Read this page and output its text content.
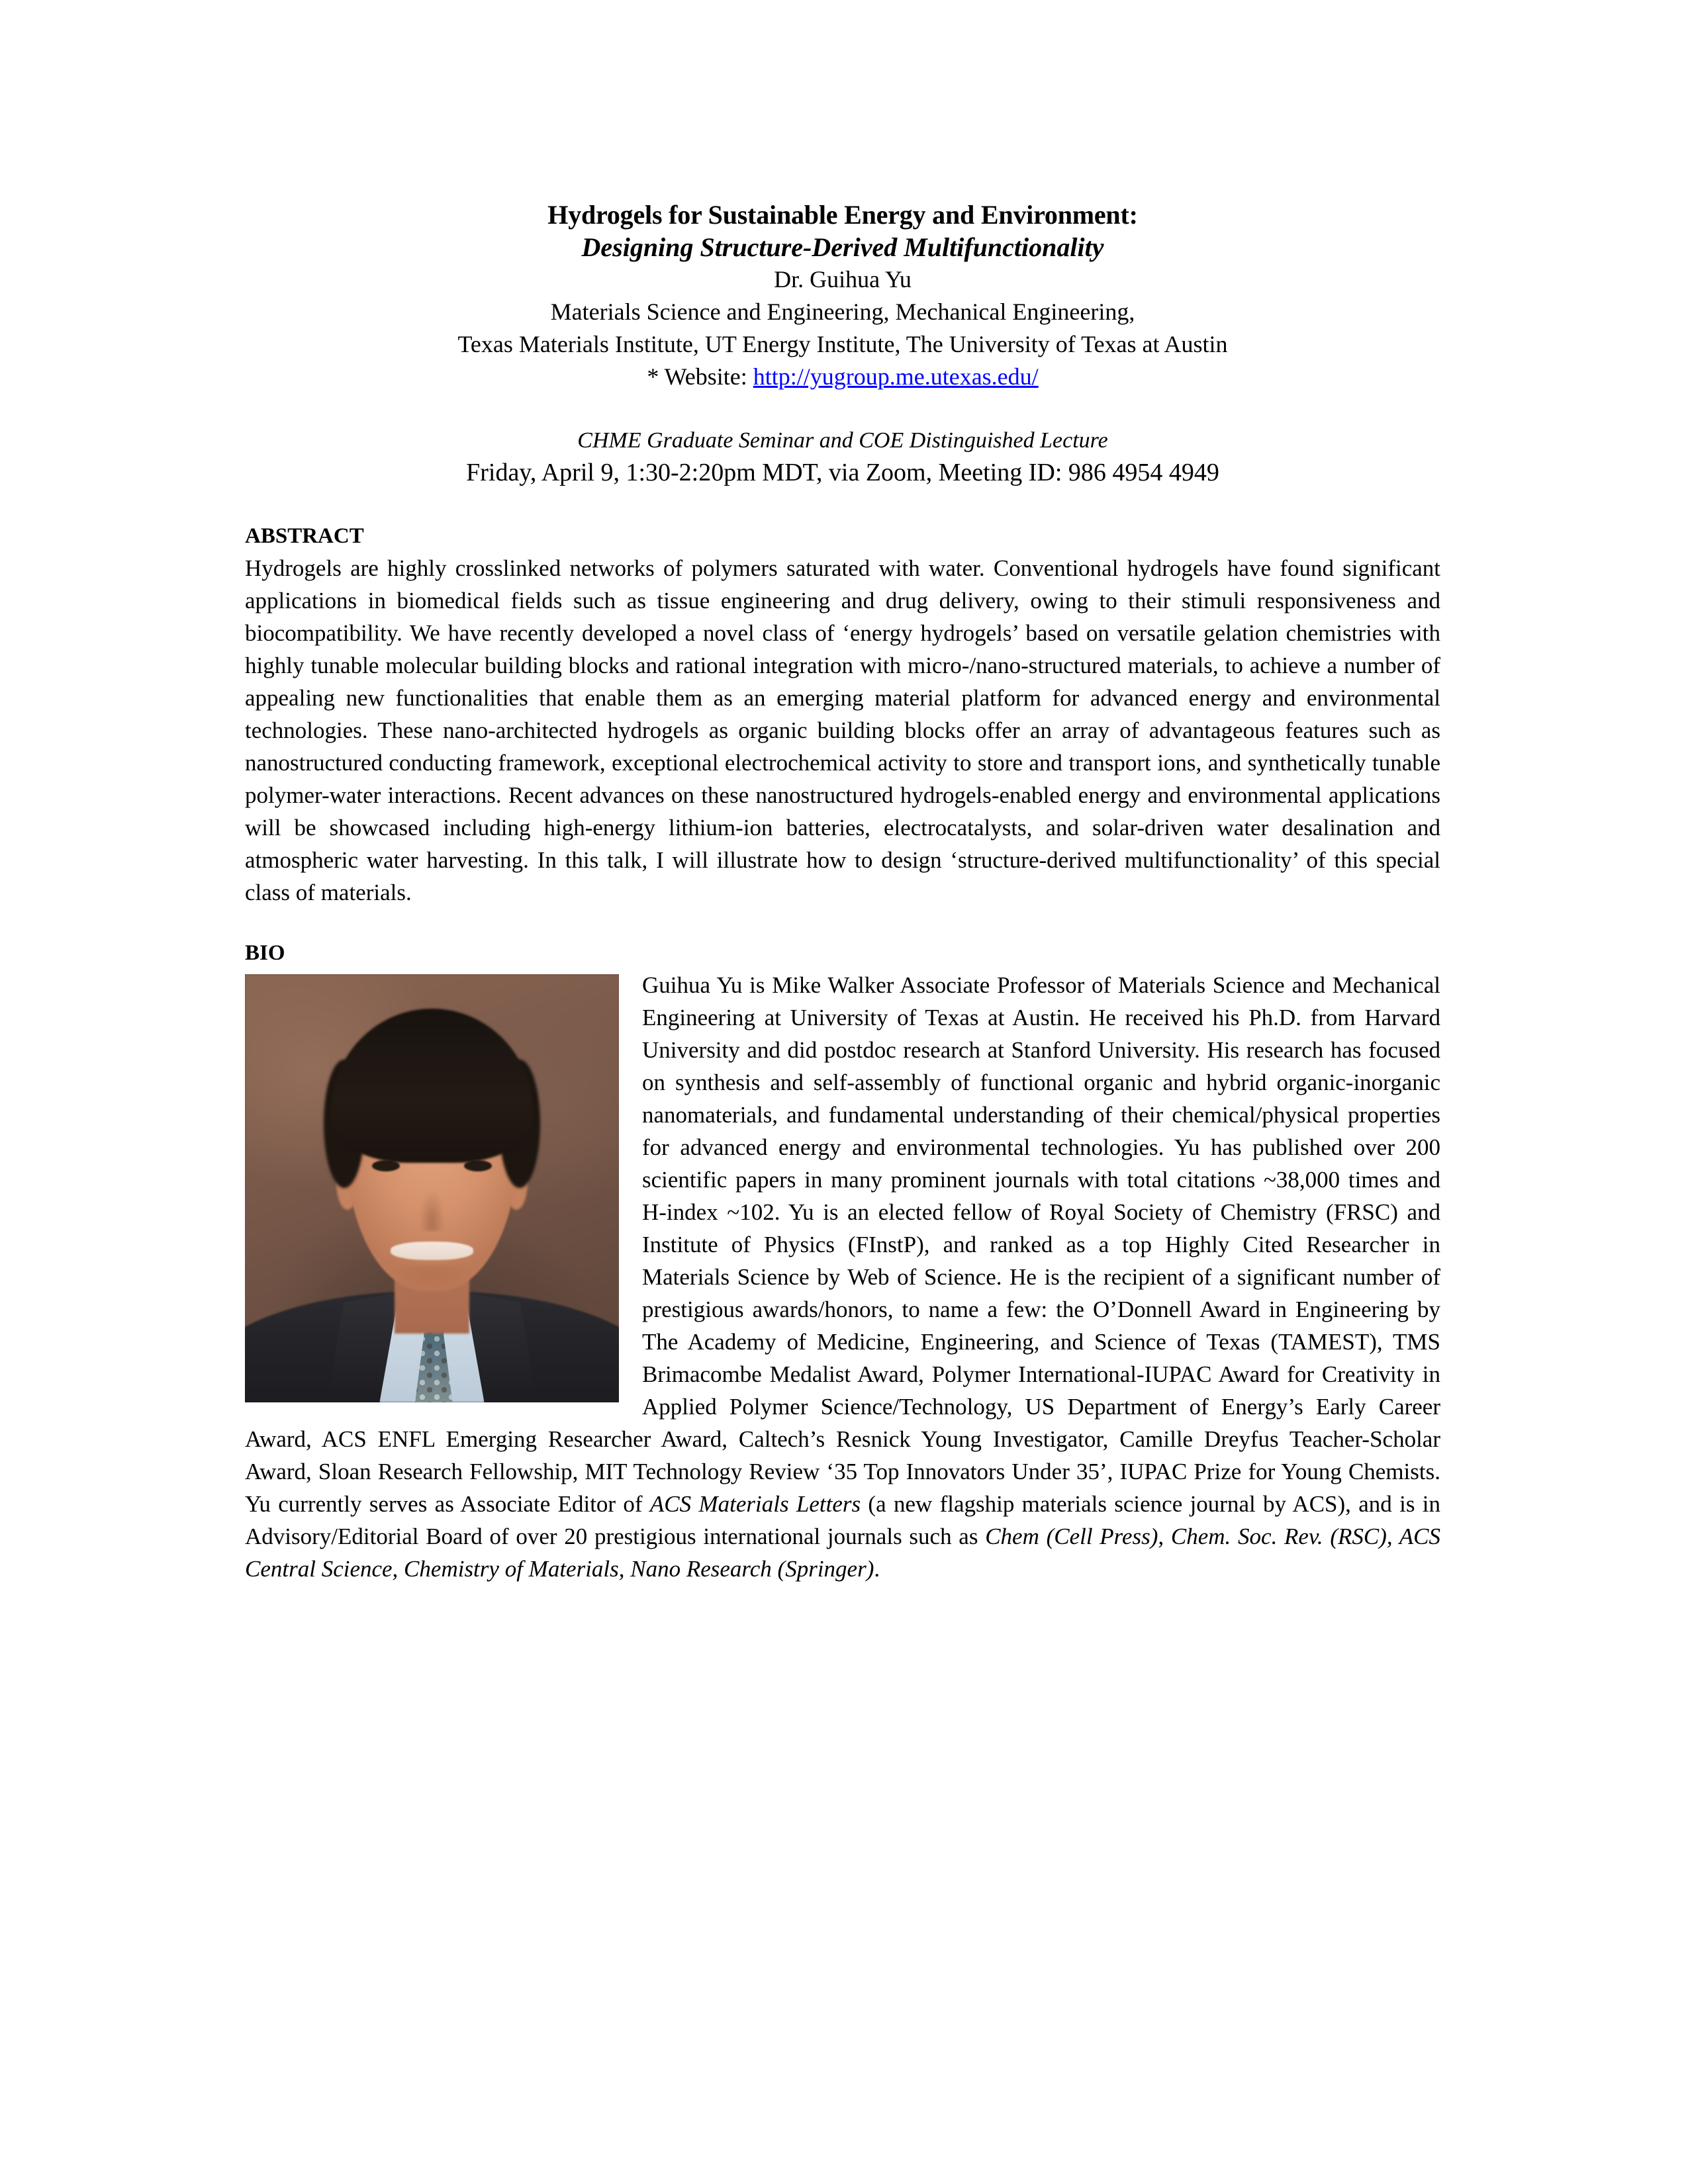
Hydrogels for Sustainable Energy and Environment:
Designing Structure-Derived Multifunctionality
Dr. Guihua Yu
Materials Science and Engineering, Mechanical Engineering,
Texas Materials Institute, UT Energy Institute, The University of Texas at Austin
* Website: http://yugroup.me.utexas.edu/
CHME Graduate Seminar and COE Distinguished Lecture
Friday, April 9, 1:30-2:20pm MDT, via Zoom, Meeting ID: 986 4954 4949
ABSTRACT
Hydrogels are highly crosslinked networks of polymers saturated with water. Conventional hydrogels have found significant applications in biomedical fields such as tissue engineering and drug delivery, owing to their stimuli responsiveness and biocompatibility. We have recently developed a novel class of ‘energy hydrogels’ based on versatile gelation chemistries with highly tunable molecular building blocks and rational integration with micro-/nano-structured materials, to achieve a number of appealing new functionalities that enable them as an emerging material platform for advanced energy and environmental technologies. These nano-architected hydrogels as organic building blocks offer an array of advantageous features such as nanostructured conducting framework, exceptional electrochemical activity to store and transport ions, and synthetically tunable polymer-water interactions. Recent advances on these nanostructured hydrogels-enabled energy and environmental applications will be showcased including high-energy lithium-ion batteries, electrocatalysts, and solar-driven water desalination and atmospheric water harvesting. In this talk, I will illustrate how to design ‘structure-derived multifunctionality’ of this special class of materials.
BIO
Guihua Yu is Mike Walker Associate Professor of Materials Science and Mechanical Engineering at University of Texas at Austin. He received his Ph.D. from Harvard University and did postdoc research at Stanford University. His research has focused on synthesis and self-assembly of functional organic and hybrid organic-inorganic nanomaterials, and fundamental understanding of their chemical/physical properties for advanced energy and environmental technologies. Yu has published over 200 scientific papers in many prominent journals with total citations ~38,000 times and H-index ~102. Yu is an elected fellow of Royal Society of Chemistry (FRSC) and Institute of Physics (FInstP), and ranked as a top Highly Cited Researcher in Materials Science by Web of Science. He is the recipient of a significant number of prestigious awards/honors, to name a few: the O’Donnell Award in Engineering by The Academy of Medicine, Engineering, and Science of Texas (TAMEST), TMS Brimacombe Medalist Award, Polymer International-IUPAC Award for Creativity in Applied Polymer Science/Technology, US Department of Energy’s Early Career Award, ACS ENFL Emerging Researcher Award, Caltech’s Resnick Young Investigator, Camille Dreyfus Teacher-Scholar Award, Sloan Research Fellowship, MIT Technology Review ‘35 Top Innovators Under 35’, IUPAC Prize for Young Chemists. Yu currently serves as Associate Editor of ACS Materials Letters (a new flagship materials science journal by ACS), and is in Advisory/Editorial Board of over 20 prestigious international journals such as Chem (Cell Press), Chem. Soc. Rev. (RSC), ACS Central Science, Chemistry of Materials, Nano Research (Springer).
